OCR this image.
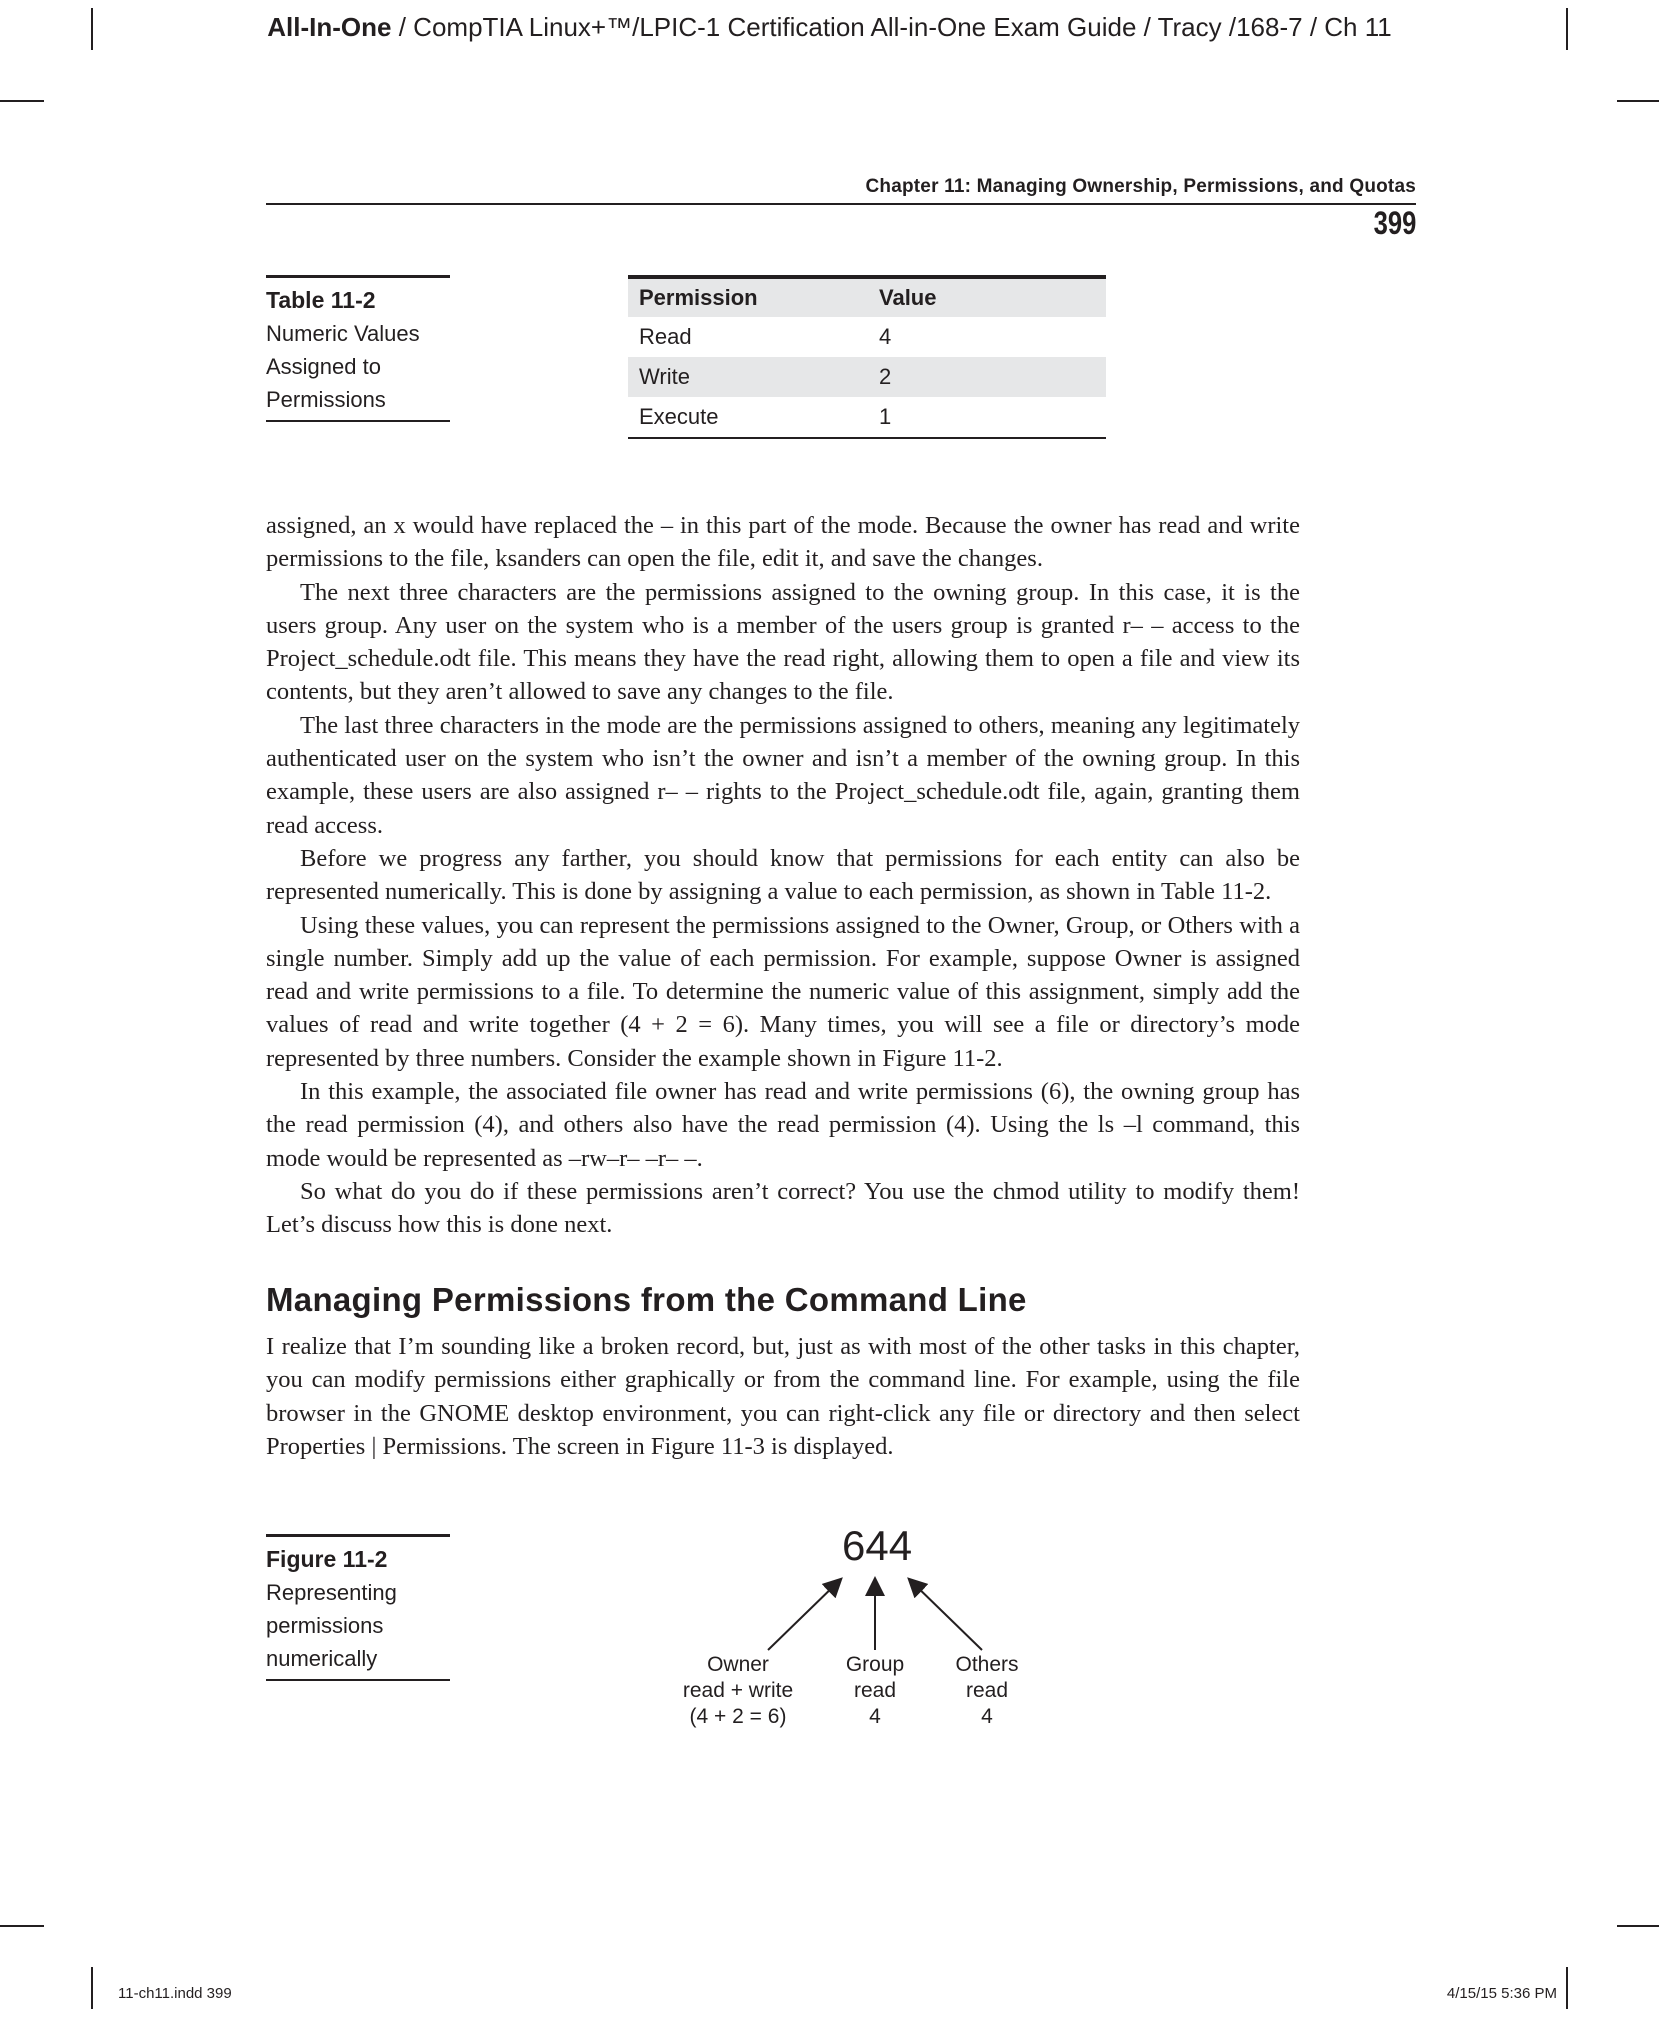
All-In-One / CompTIA Linux+™/LPIC-1 Certification All-in-One Exam Guide / Tracy /168-7 / Ch 11
Chapter 11: Managing Ownership, Permissions, and Quotas
399
Table 11-2
Numeric Values Assigned to Permissions
Permission	Value
Read	4
Write	2
Execute	1

assigned, an x would have replaced the – in this part of the mode. Because the owner has read and write permissions to the file, ksanders can open the file, edit it, and save the changes.

The next three characters are the permissions assigned to the owning group. In this case, it is the users group. Any user on the system who is a member of the users group is granted r– – access to the Project_schedule.odt file. This means they have the read right, allowing them to open a file and view its contents, but they aren’t allowed to save any changes to the file.

The last three characters in the mode are the permissions assigned to others, meaning any legitimately authenticated user on the system who isn’t the owner and isn’t a member of the owning group. In this example, these users are also assigned r– – rights to the Project_schedule.odt file, again, granting them read access.

Before we progress any farther, you should know that permissions for each entity can also be represented numerically. This is done by assigning a value to each permission, as shown in Table 11-2.

Using these values, you can represent the permissions assigned to the Owner, Group, or Others with a single number. Simply add up the value of each permission. For example, suppose Owner is assigned read and write permissions to a file. To determine the numeric value of this assignment, simply add the values of read and write together (4 + 2 = 6). Many times, you will see a file or directory’s mode represented by three numbers. Consider the example shown in Figure 11-2.

In this example, the associated file owner has read and write permissions (6), the owning group has the read permission (4), and others also have the read permission (4). Using the ls –l command, this mode would be represented as –rw–r– –r– –.

So what do you do if these permissions aren’t correct? You use the chmod utility to modify them! Let’s discuss how this is done next.

Managing Permissions from the Command Line

I realize that I’m sounding like a broken record, but, just as with most of the other tasks in this chapter, you can modify permissions either graphically or from the command line. For example, using the file browser in the GNOME desktop environment, you can right-click any file or directory and then select Properties | Permissions. The screen in Figure 11-3 is displayed.

Figure 11-2
Representing permissions numerically
644
Owner
read + write
(4 + 2 = 6)
Group
read
4
Others
read
4
11-ch11.indd 399	4/15/15 5:36 PM
